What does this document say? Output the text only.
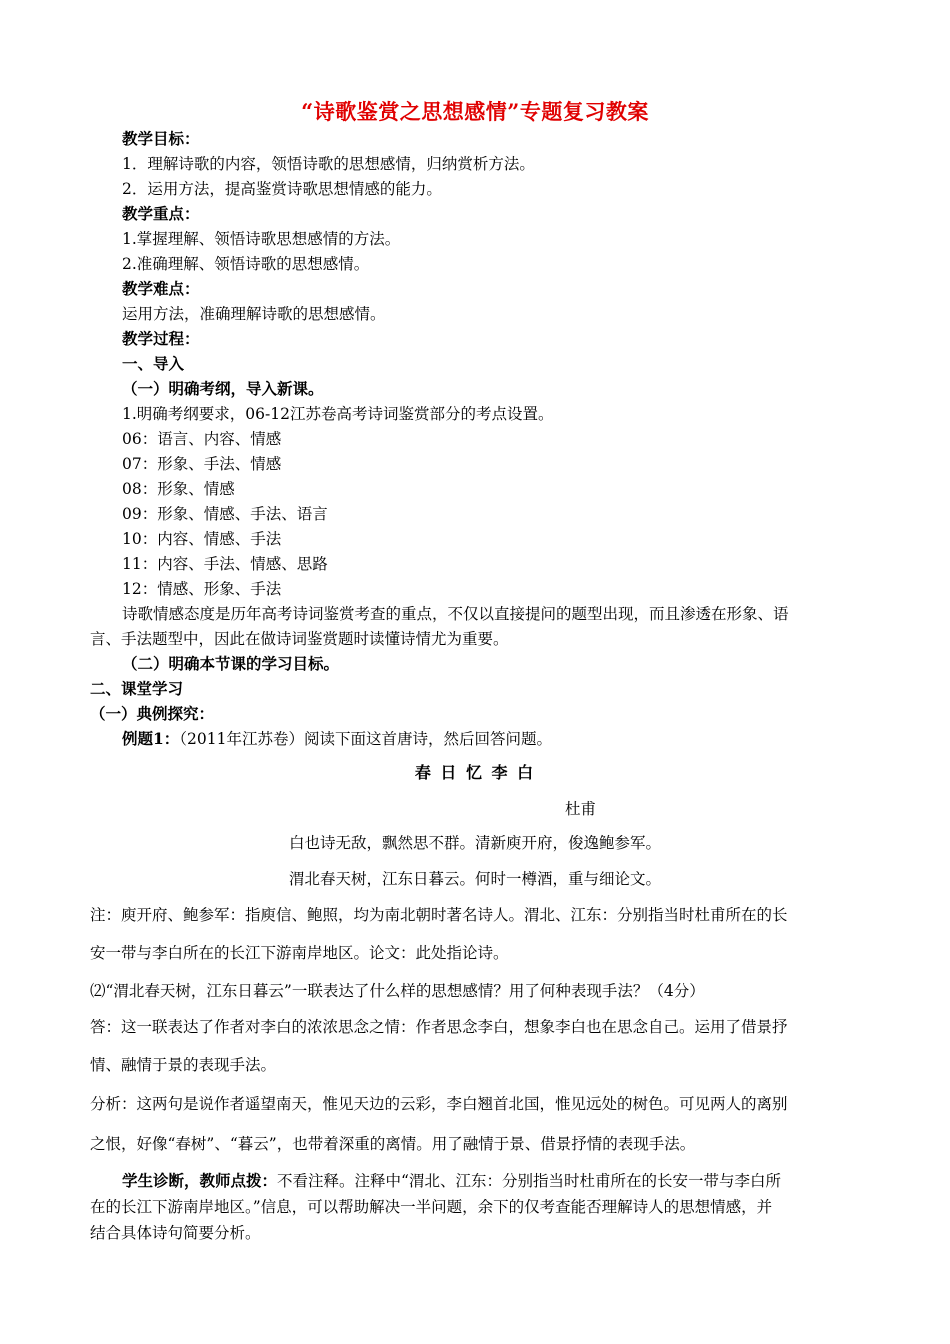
“诗歌鉴赏之思想感情”专题复习教案
教学目标：
1．理解诗歌的内容，领悟诗歌的思想感情，归纳赏析方法。
2．运用方法，提高鉴赏诗歌思想情感的能力。
教学重点：
1.掌握理解、领悟诗歌思想感情的方法。
2.准确理解、领悟诗歌的思想感情。
教学难点：
运用方法，准确理解诗歌的思想感情。
教学过程：
一、导入
（一）明确考纲，导入新课。
1.明确考纲要求，06-12江苏卷高考诗词鉴赏部分的考点设置。
06：语言、内容、情感
07：形象、手法、情感
08：形象、情感
09：形象、情感、手法、语言
10：内容、情感、手法
11：内容、手法、情感、思路
12：情感、形象、手法
诗歌情感态度是历年高考诗词鉴赏考查的重点，不仅以直接提问的题型出现，而且渗透在形象、语
言、手法题型中，因此在做诗词鉴赏题时读懂诗情尤为重要。
（二）明确本节课的学习目标。
二、课堂学习
（一）典例探究：
例题1：（2011年江苏卷）阅读下面这首唐诗，然后回答问题。
春 日 忆 李 白
杜甫
白也诗无敌，飘然思不群。清新庾开府，俊逸鲍参军。
渭北春天树，江东日暮云。何时一樽酒，重与细论文。
注：庾开府、鲍参军：指庾信、鲍照，均为南北朝时著名诗人。渭北、江东：分别指当时杜甫所在的长
安一带与李白所在的长江下游南岸地区。论文：此处指论诗。
⑵“渭北春天树，江东日暮云”一联表达了什么样的思想感情？用了何种表现手法？（4分）
答：这一联表达了作者对李白的浓浓思念之情：作者思念李白，想象李白也在思念自己。运用了借景抒
情、融情于景的表现手法。
分析：这两句是说作者遥望南天，惟见天边的云彩，李白翘首北国，惟见远处的树色。可见两人的离别
之恨，好像“春树”、“暮云”，也带着深重的离情。用了融情于景、借景抒情的表现手法。
学生诊断，教师点拨：不看注释。注释中“渭北、江东：分别指当时杜甫所在的长安一带与李白所
在的长江下游南岸地区。”信息，可以帮助解决一半问题，余下的仅考查能否理解诗人的思想情感，并
结合具体诗句简要分析。
